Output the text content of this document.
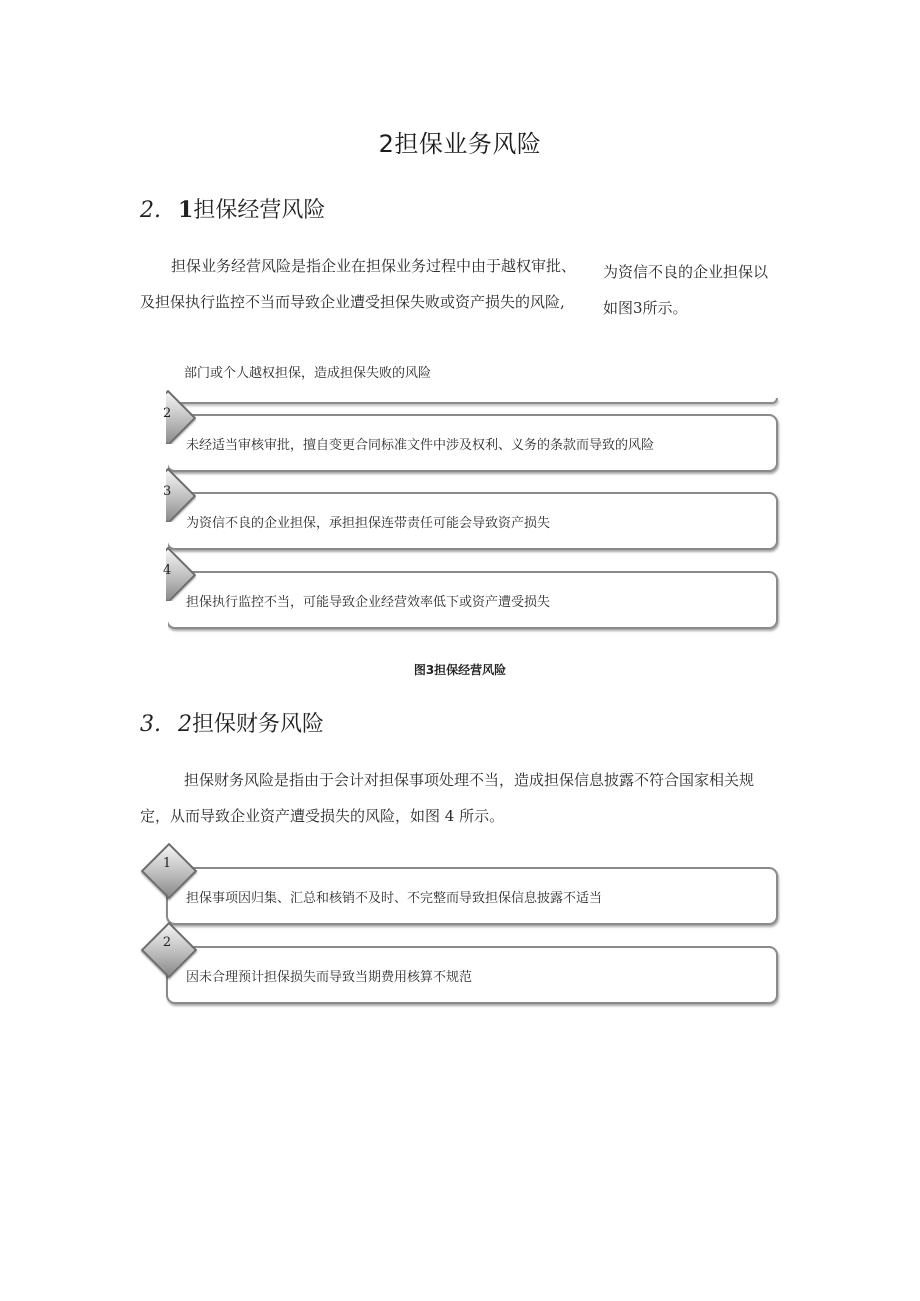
2担保业务风险
2. 1担保经营风险
担保业务经营风险是指企业在担保业务过程中由于越权审批、
及担保执行监控不当而导致企业遭受担保失败或资产损失的风险,
为资信不良的企业担保以
如图3所示。
部门或个人越权担保，造成担保失败的风险
未经适当审核审批，擅自变更合同标准文件中涉及权利、义务的条款而导致的风险
为资信不良的企业担保，承担担保连带责任可能会导致资产损失
担保执行监控不当，可能导致企业经营效率低下或资产遭受损失
2
3
4
图3担保经营风险
3. 2担保财务风险
担保财务风险是指由于会计对担保事项处理不当，造成担保信息披露不符合国家相关规
定，从而导致企业资产遭受损失的风险，如图 4 所示。
担保事项因归集、汇总和核销不及时、不完整而导致担保信息披露不适当
因未合理预计担保损失而导致当期费用核算不规范
1
2
